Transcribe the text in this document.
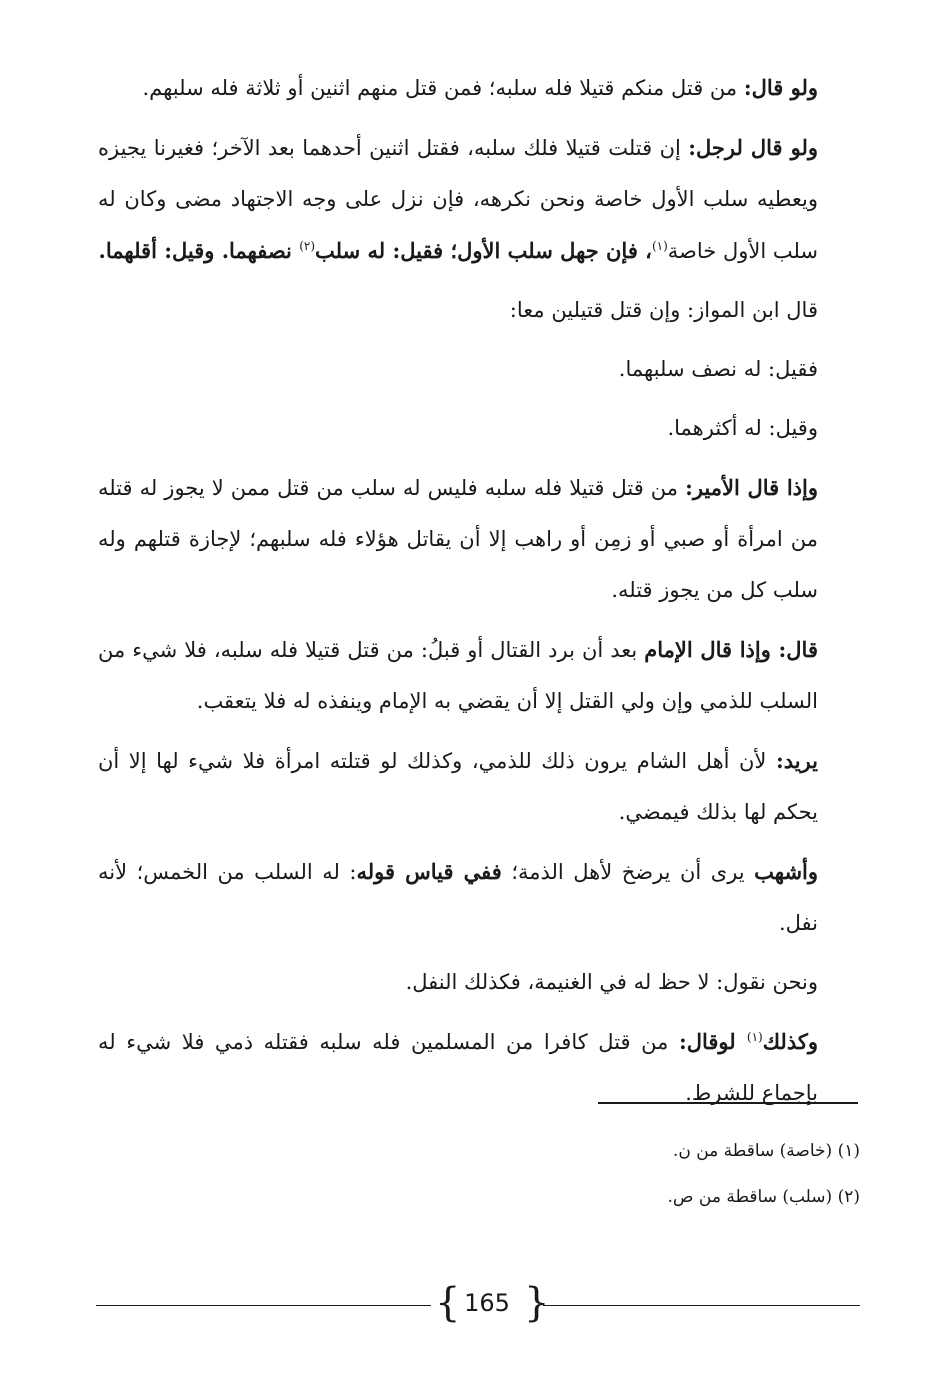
ولو قال: من قتل منكم قتيلا فله سلبه؛ فمن قتل منهم اثنين أو ثلاثة فله سلبهم.

ولو قال لرجل: إن قتلت قتيلا فلك سلبه، فقتل اثنين أحدهما بعد الآخر؛ فغيرنا يجيزه ويعطيه سلب الأول خاصة ونحن نكرهه، فإن نزل على وجه الاجتهاد مضى وكان له سلب الأول خاصة$^{(١)}$، فإن جهل سلب الأول؛ فقيل: له سلب$^{(٢)}$ نصفهما. وقيل: أقلهما.

قال ابن المواز: وإن قتل قتيلين معا:

فقيل: له نصف سلبهما.

وقيل: له أكثرهما.

وإذا قال الأمير: من قتل قتيلا فله سلبه فليس له سلب من قتل ممن لا يجوز له قتله من امرأة أو صبي أو زمِن أو راهب إلا أن يقاتل هؤلاء فله سلبهم؛ لإجازة قتلهم وله سلب كل من يجوز قتله.

قال: وإذا قال الإمام بعد أن برد القتال أو قبلُ: من قتل قتيلا فله سلبه، فلا شيء من السلب للذمي وإن ولي القتل إلا أن يقضي به الإمام وينفذه له فلا يتعقب.

يريد: لأن أهل الشام يرون ذلك للذمي، وكذلك لو قتلته امرأة فلا شيء لها إلا أن يحكم لها بذلك فيمضي.

وأشهب يرى أن يرضخ لأهل الذمة؛ ففي قياس قوله: له السلب من الخمس؛ لأنه نفل.

ونحن نقول: لا حظ له في الغنيمة، فكذلك النفل.

وكذلك$^{(١)}$ لوقال: من قتل كافرا من المسلمين فله سلبه فقتله ذمي فلا شيء له بإجماع للشرط.

(١) (خاصة) ساقطة من ن.

(٢) (سلب) ساقطة من ص.

{ 165 }
